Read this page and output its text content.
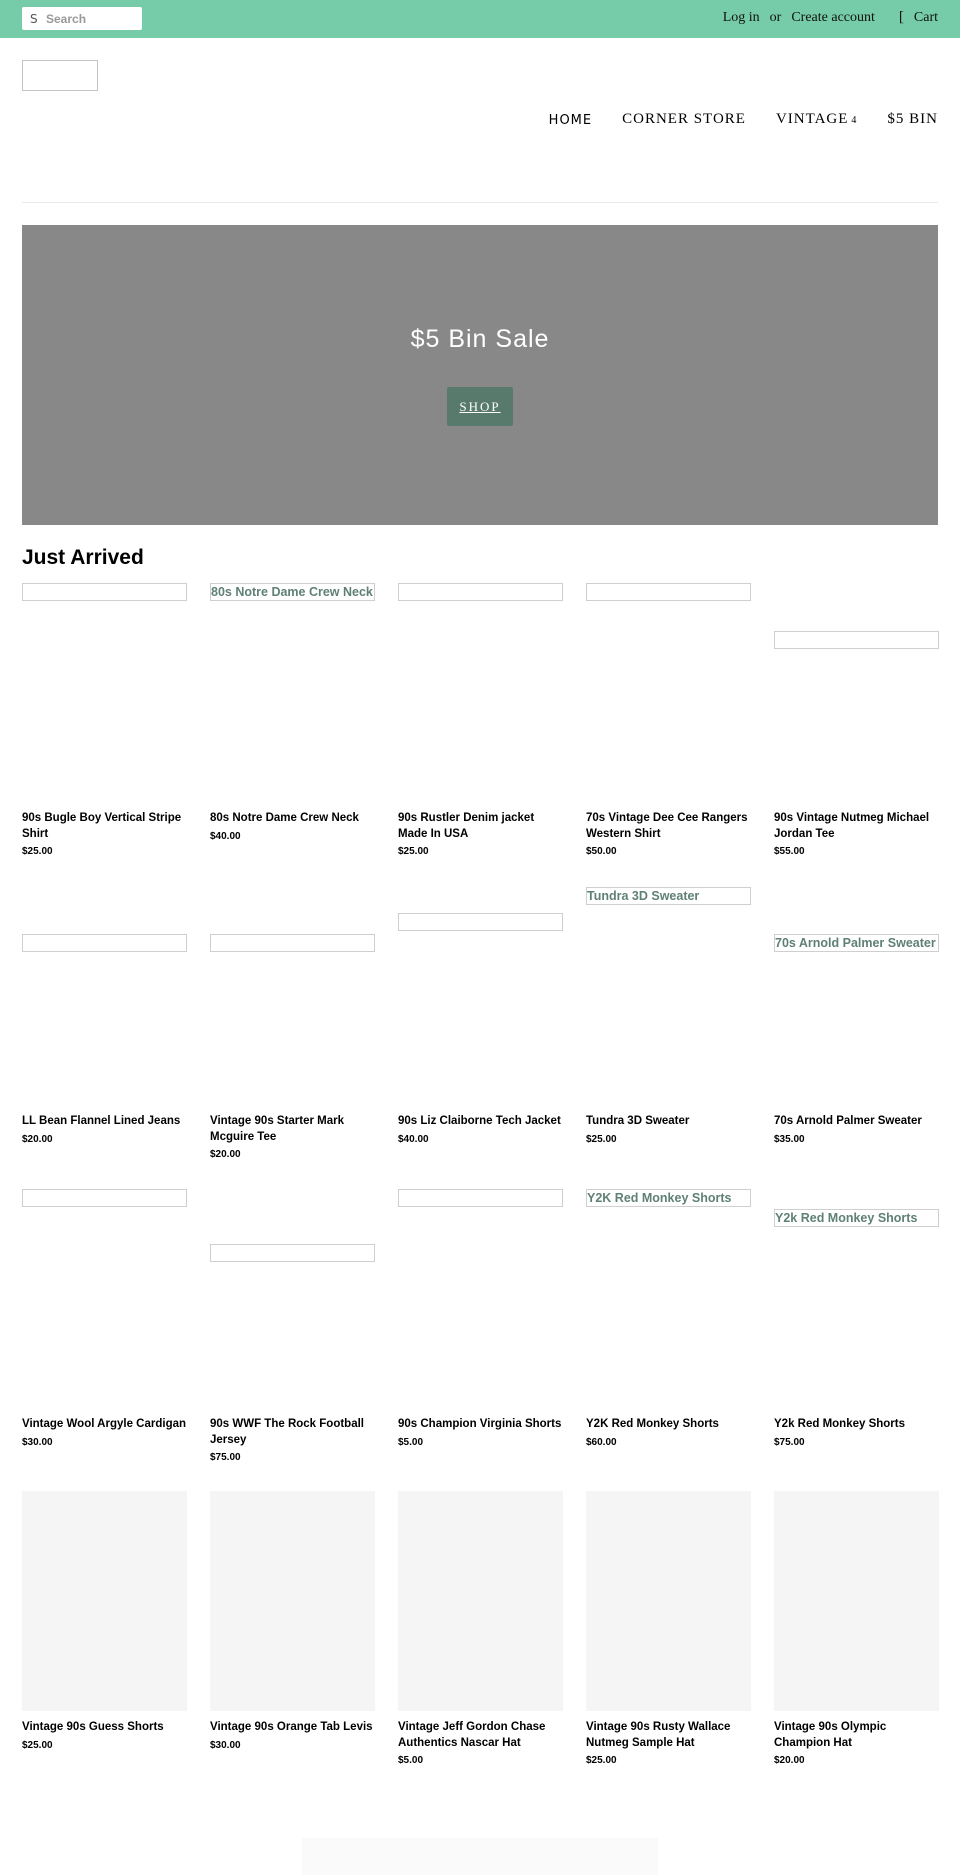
S
Search	Log in or Create account [ Cart
HOME CORNER STORE VINTAGE 4 $5 BIN
$5 Bin Sale
SHOP
Just Arrived
90s Bugle Boy Vertical Stripe Shirt
$25.00
80s Notre Dame Crew Neck
80s Notre Dame Crew Neck
$40.00
90s Rustler Denim jacket Made In USA
$25.00
70s Vintage Dee Cee Rangers Western Shirt
$50.00
90s Vintage Nutmeg Michael Jordan Tee
$55.00
LL Bean Flannel Lined Jeans
$20.00
Vintage 90s Starter Mark Mcguire Tee
$20.00
90s Liz Claiborne Tech Jacket
$40.00
Tundra 3D Sweater
Tundra 3D Sweater
$25.00
70s Arnold Palmer Sweater
70s Arnold Palmer Sweater
$35.00
Vintage Wool Argyle Cardigan
$30.00
90s WWF The Rock Football Jersey
$75.00
90s Champion Virginia Shorts
$5.00
Y2K Red Monkey Shorts
Y2K Red Monkey Shorts
$60.00
Y2k Red Monkey Shorts
Y2k Red Monkey Shorts
$75.00
Vintage 90s Guess Shorts
$25.00
Vintage 90s Orange Tab Levis
$30.00
Vintage Jeff Gordon Chase Authentics Nascar Hat
$5.00
Vintage 90s Rusty Wallace Nutmeg Sample Hat
$25.00
Vintage 90s Olympic Champion Hat
$20.00
